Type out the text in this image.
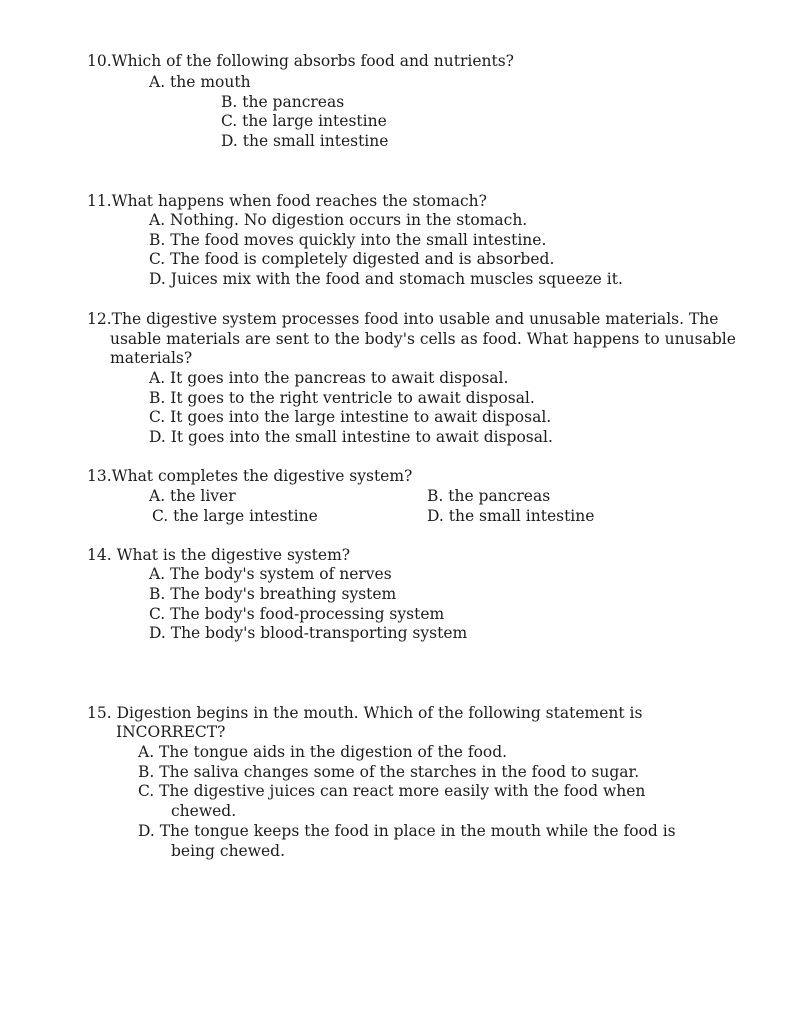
10.Which of the following absorbs food and nutrients?
A. the mouth
B. the pancreas
C. the large intestine
D. the small intestine
11.What happens when food reaches the stomach?
A. Nothing. No digestion occurs in the stomach.
B. The food moves quickly into the small intestine.
C. The food is completely digested and is absorbed.
D. Juices mix with the food and stomach muscles squeeze it.
12.The digestive system processes food into usable and unusable materials. The
usable materials are sent to the body's cells as food. What happens to unusable
materials?
A. It goes into the pancreas to await disposal.
B. It goes to the right ventricle to await disposal.
C. It goes into the large intestine to await disposal.
D. It goes into the small intestine to await disposal.
13.What completes the digestive system?
A. the liver	B. the pancreas
C. the large intestine	D. the small intestine
14. What is the digestive system?
A. The body's system of nerves
B. The body's breathing system
C. The body's food-processing system
D. The body's blood-transporting system
15. Digestion begins in the mouth. Which of the following statement is
INCORRECT?
A. The tongue aids in the digestion of the food.
B. The saliva changes some of the starches in the food to sugar.
C. The digestive juices can react more easily with the food when
chewed.
D. The tongue keeps the food in place in the mouth while the food is
being chewed.
